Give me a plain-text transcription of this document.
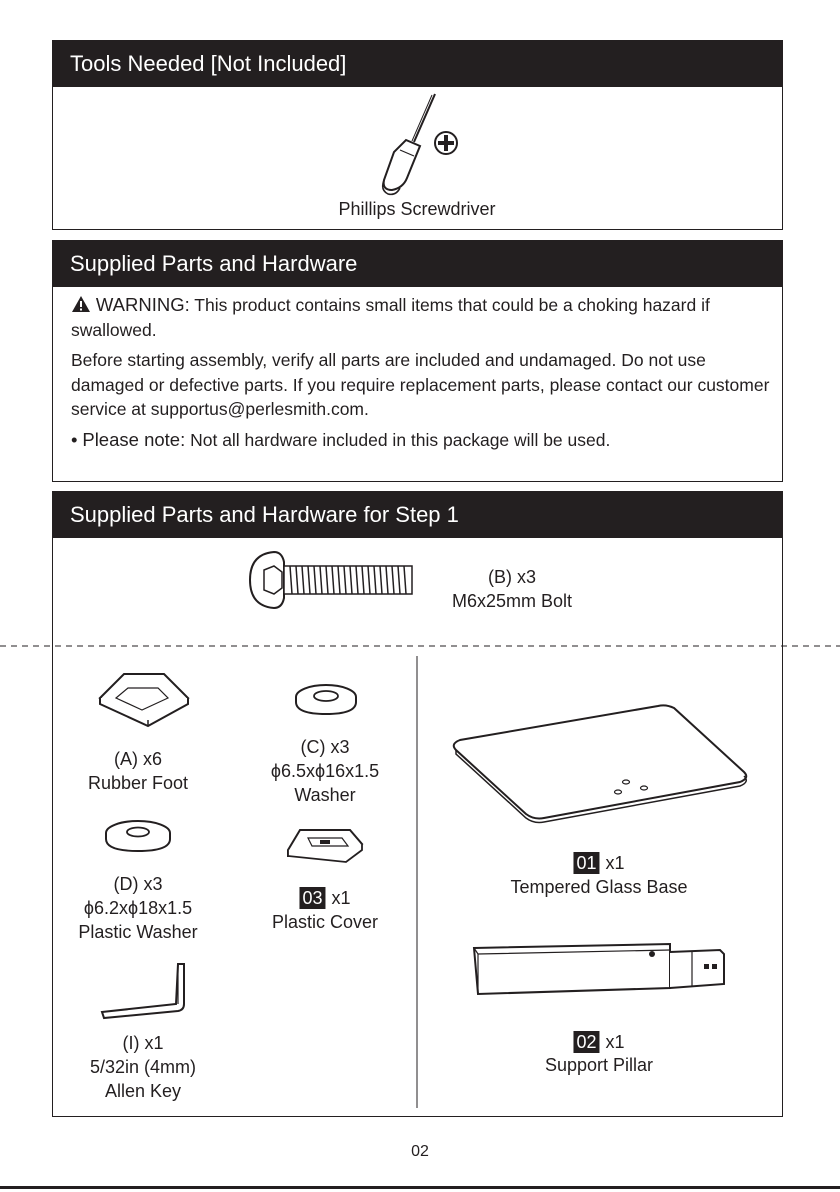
Tools Needed [Not Included]
Phillips Screwdriver
Supplied Parts and Hardware
WARNING: This product contains small items that could be a choking hazard if swallowed.
Before starting assembly, verify all parts are included and undamaged. Do not use damaged or defective parts. If you require replacement parts, please contact our customer service at supportus@perlesmith.com.
• Please note: Not all hardware included in this package will be used.
Supplied Parts and Hardware for Step 1
(B) x3
M6x25mm Bolt
(A) x6
Rubber Foot
(C) x3
ϕ6.5xϕ16x1.5
Washer
(D) x3
ϕ6.2xϕ18x1.5
Plastic Washer
03 x1
Plastic Cover
(I) x1
5/32in (4mm)
Allen Key
01 x1
Tempered Glass Base
02 x1
Support Pillar
02
